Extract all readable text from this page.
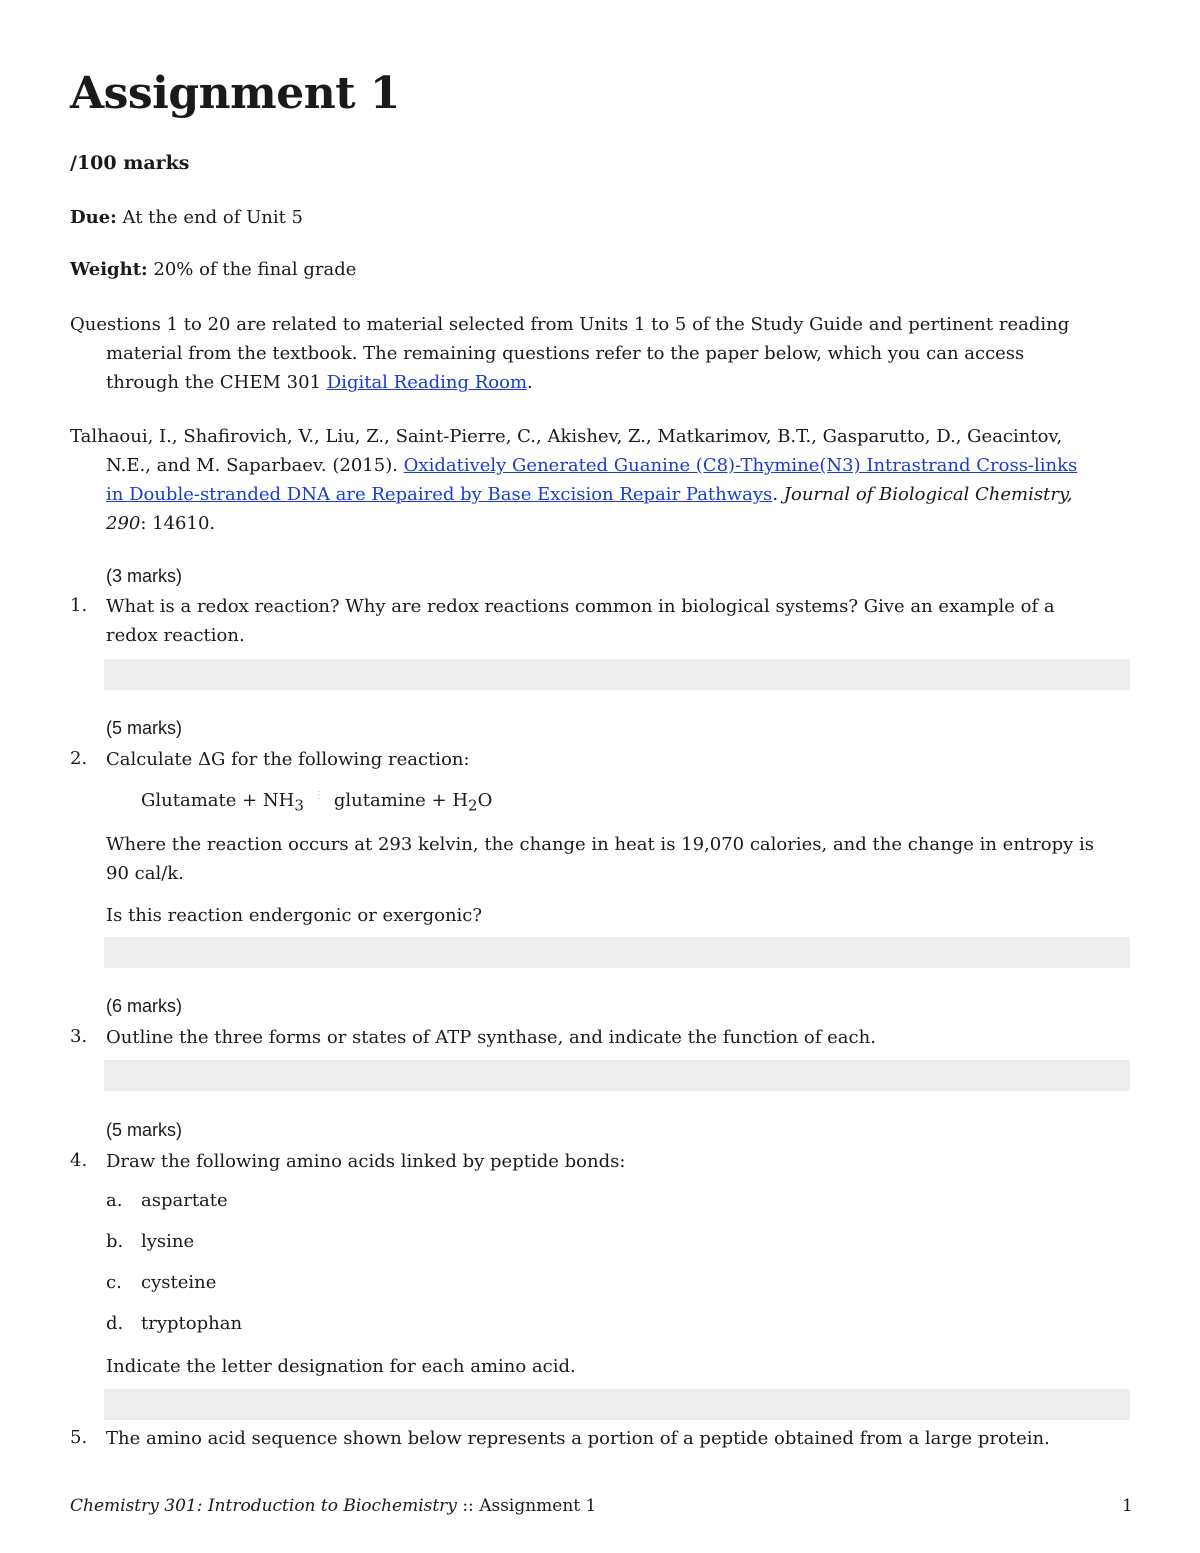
Assignment 1
/100 marks
Due: At the end of Unit 5
Weight: 20% of the final grade
Questions 1 to 20 are related to material selected from Units 1 to 5 of the Study Guide and pertinent reading
material from the textbook. The remaining questions refer to the paper below, which you can access
through the CHEM 301 Digital Reading Room.
Talhaoui, I., Shafirovich, V., Liu, Z., Saint-Pierre, C., Akishev, Z., Matkarimov, B.T., Gasparutto, D., Geacintov,
N.E., and M. Saparbaev. (2015). Oxidatively Generated Guanine (C8)-Thymine(N3) Intrastrand Cross-links
in Double-stranded DNA are Repaired by Base Excision Repair Pathways. Journal of Biological Chemistry,
290: 14610.
(3 marks)
1. What is a redox reaction? Why are redox reactions common in biological systems? Give an example of a
redox reaction.
(5 marks)
2. Calculate ΔG for the following reaction:
Glutamate + $NH_3⋮$ glutamine + $H_2O$
Where the reaction occurs at 293 kelvin, the change in heat is 19,070 calories, and the change in entropy is
90 cal/k.
Is this reaction endergonic or exergonic?
(6 marks)
3. Outline the three forms or states of ATP synthase, and indicate the function of each.
(5 marks)
4. Draw the following amino acids linked by peptide bonds:
a. aspartate
b. lysine
c. cysteine
d. tryptophan
Indicate the letter designation for each amino acid.
5. The amino acid sequence shown below represents a portion of a peptide obtained from a large protein.
Chemistry 301: Introduction to Biochemistry :: Assignment 1	1
